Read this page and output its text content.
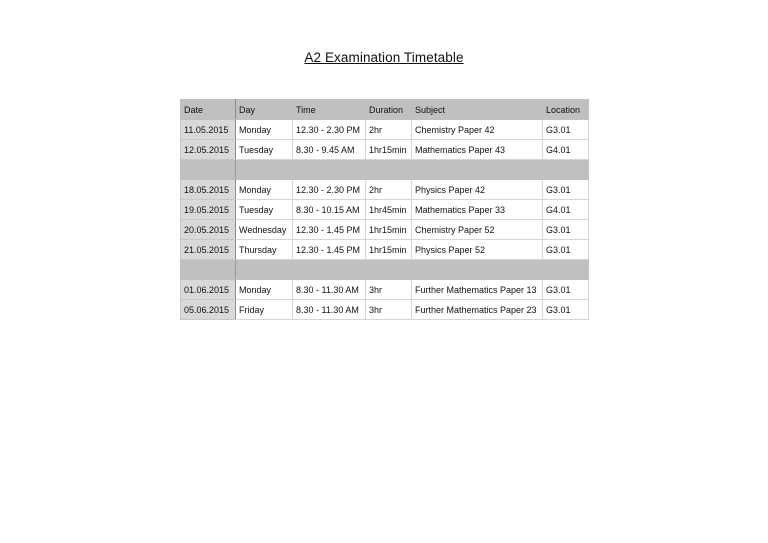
A2 Examination Timetable
Date	Day	Time	Duration	Subject	Location
11.05.2015	Monday	12.30 - 2.30 PM	2hr	Chemistry Paper 42	G3.01
12.05.2015	Tuesday	8.30 - 9.45 AM	1hr15min	Mathematics Paper 43	G4.01

18.05.2015	Monday	12.30 - 2.30 PM	2hr	Physics Paper 42	G3.01
19.05.2015	Tuesday	8.30 - 10.15 AM	1hr45min	Mathematics Paper 33	G4.01
20.05.2015	Wednesday	12.30 - 1.45 PM	1hr15min	Chemistry Paper 52	G3.01
21.05.2015	Thursday	12.30 - 1.45 PM	1hr15min	Physics Paper 52	G3.01

01.06.2015	Monday	8.30 - 11.30 AM	3hr	Further Mathematics Paper 13	G3.01
05.06.2015	Friday	8.30 - 11.30 AM	3hr	Further Mathematics Paper 23	G3.01
